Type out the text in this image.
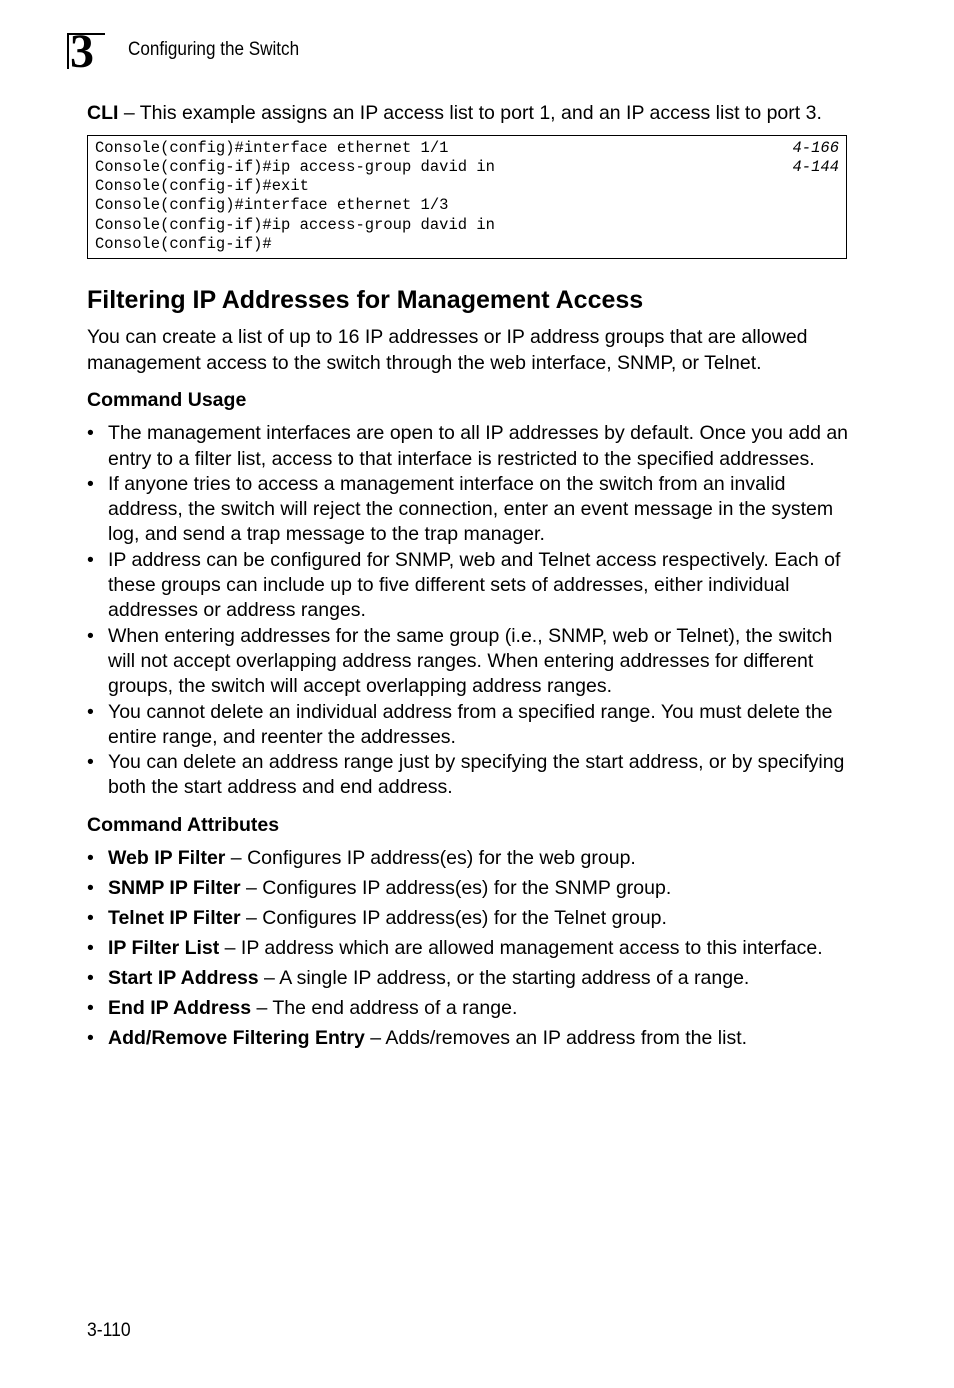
3 Configuring the Switch

CLI – This example assigns an IP access list to port 1, and an IP access list to port 3.

Console(config)#interface ethernet 1/1	4-166
Console(config-if)#ip access-group david in	4-144
Console(config-if)#exit
Console(config)#interface ethernet 1/3
Console(config-if)#ip access-group david in
Console(config-if)#
Filtering IP Addresses for Management Access

You can create a list of up to 16 IP addresses or IP address groups that are allowed management access to the switch through the web interface, SNMP, or Telnet.

Command Usage
• The management interfaces are open to all IP addresses by default. Once you add an entry to a filter list, access to that interface is restricted to the specified addresses.
• If anyone tries to access a management interface on the switch from an invalid address, the switch will reject the connection, enter an event message in the system log, and send a trap message to the trap manager.
• IP address can be configured for SNMP, web and Telnet access respectively. Each of these groups can include up to five different sets of addresses, either individual addresses or address ranges.
• When entering addresses for the same group (i.e., SNMP, web or Telnet), the switch will not accept overlapping address ranges. When entering addresses for different groups, the switch will accept overlapping address ranges.
• You cannot delete an individual address from a specified range. You must delete the entire range, and reenter the addresses.
• You can delete an address range just by specifying the start address, or by specifying both the start address and end address.
Command Attributes
• Web IP Filter – Configures IP address(es) for the web group.
• SNMP IP Filter – Configures IP address(es) for the SNMP group.
• Telnet IP Filter – Configures IP address(es) for the Telnet group.
• IP Filter List – IP address which are allowed management access to this interface.
• Start IP Address – A single IP address, or the starting address of a range.
• End IP Address – The end address of a range.
• Add/Remove Filtering Entry – Adds/removes an IP address from the list.
3-110
